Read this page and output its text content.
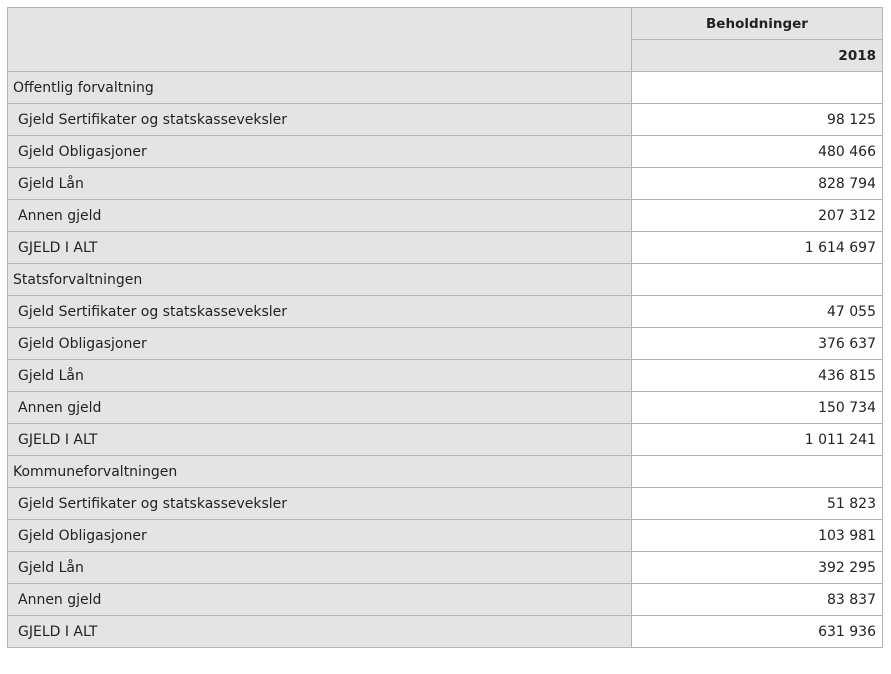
	Beholdninger
	2018
Offentlig forvaltning	
Gjeld Sertifikater og statskasseveksler	98 125
Gjeld Obligasjoner	480 466
Gjeld Lån	828 794
Annen gjeld	207 312
GJELD I ALT	1 614 697
Statsforvaltningen	
Gjeld Sertifikater og statskasseveksler	47 055
Gjeld Obligasjoner	376 637
Gjeld Lån	436 815
Annen gjeld	150 734
GJELD I ALT	1 011 241
Kommuneforvaltningen	
Gjeld Sertifikater og statskasseveksler	51 823
Gjeld Obligasjoner	103 981
Gjeld Lån	392 295
Annen gjeld	83 837
GJELD I ALT	631 936
